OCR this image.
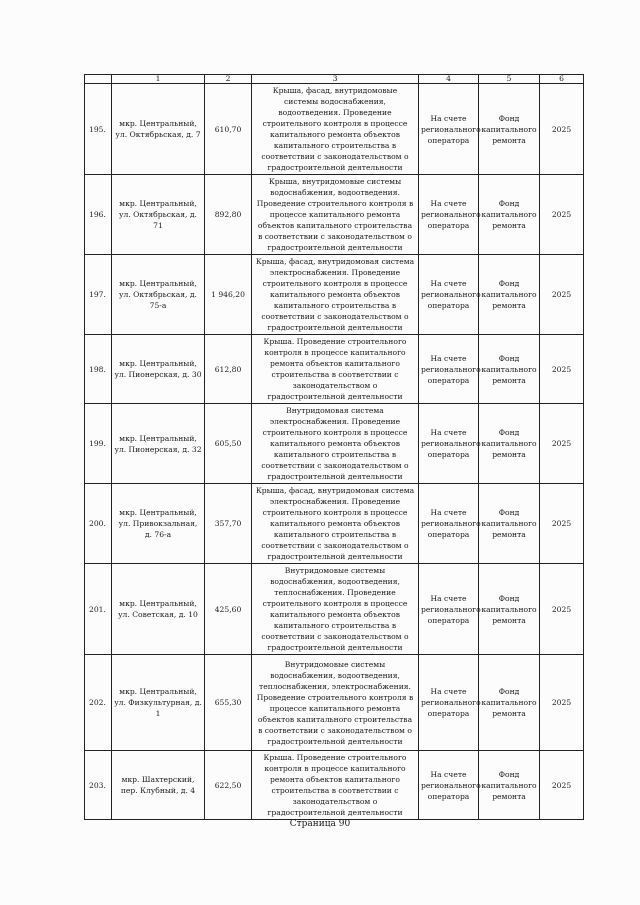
	1	2	3	4	5	6
195.	мкр. Центральный, ул. Октябрьская, д. 7	610,70	Крыша, фасад, внутридомовые системы водоснабжения, водоотведения. Проведение строительного контроля в процессе капитального ремонта объектов капитального строительства в соответствии с законодательством о градостроительной деятельности	На счете регионального оператора	Фонд капитального ремонта	2025
196.	мкр. Центральный, ул. Октябрьская, д. 71	892,80	Крыша, внутридомовые системы водоснабжения, водоотведения. Проведение строительного контроля в процессе капитального ремонта объектов капитального строительства в соответствии с законодательством о градостроительной деятельности	На счете регионального оператора	Фонд капитального ремонта	2025
197.	мкр. Центральный, ул. Октябрьская, д. 75-а	1 946,20	Крыша, фасад, внутридомовая система электроснабжения. Проведение строительного контроля в процессе капитального ремонта объектов капитального строительства в соответствии с законодательством о градостроительной деятельности	На счете регионального оператора	Фонд капитального ремонта	2025
198.	мкр. Центральный, ул. Пионерская, д. 30	612,80	Крыша. Проведение строительного контроля в процессе капитального ремонта объектов капитального строительства в соответствии с законодательством о градостроительной деятельности	На счете регионального оператора	Фонд капитального ремонта	2025
199.	мкр. Центральный, ул. Пионерская, д. 32	605,50	Внутридомовая система электроснабжения. Проведение строительного контроля в процессе капитального ремонта объектов капитального строительства в соответствии с законодательством о градостроительной деятельности	На счете регионального оператора	Фонд капитального ремонта	2025
200.	мкр. Центральный, ул. Привокзальная, д. 76-а	357,70	Крыша, фасад, внутридомовая система электроснабжения. Проведение строительного контроля в процессе капитального ремонта объектов капитального строительства в соответствии с законодательством о градостроительной деятельности	На счете регионального оператора	Фонд капитального ремонта	2025
201.	мкр. Центральный, ул. Советская, д. 10	425,60	Внутридомовые системы водоснабжения, водоотведения, теплоснабжения. Проведение строительного контроля в процессе капитального ремонта объектов капитального строительства в соответствии с законодательством о градостроительной деятельности	На счете регионального оператора	Фонд капитального ремонта	2025
202.	мкр. Центральный, ул. Физкультурная, д. 1	655,30	Внутридомовые системы водоснабжения, водоотведения, теплоснабжения, электроснабжения. Проведение строительного контроля в процессе капитального ремонта объектов капитального строительства в соответствии с законодательством о градостроительной деятельности	На счете регионального оператора	Фонд капитального ремонта	2025
203.	мкр. Шахтерский, пер. Клубный, д. 4	622,50	Крыша. Проведение строительного контроля в процессе капитального ремонта объектов капитального строительства в соответствии с законодательством о градостроительной деятельности	На счете регионального оператора	Фонд капитального ремонта	2025
Страница 90
